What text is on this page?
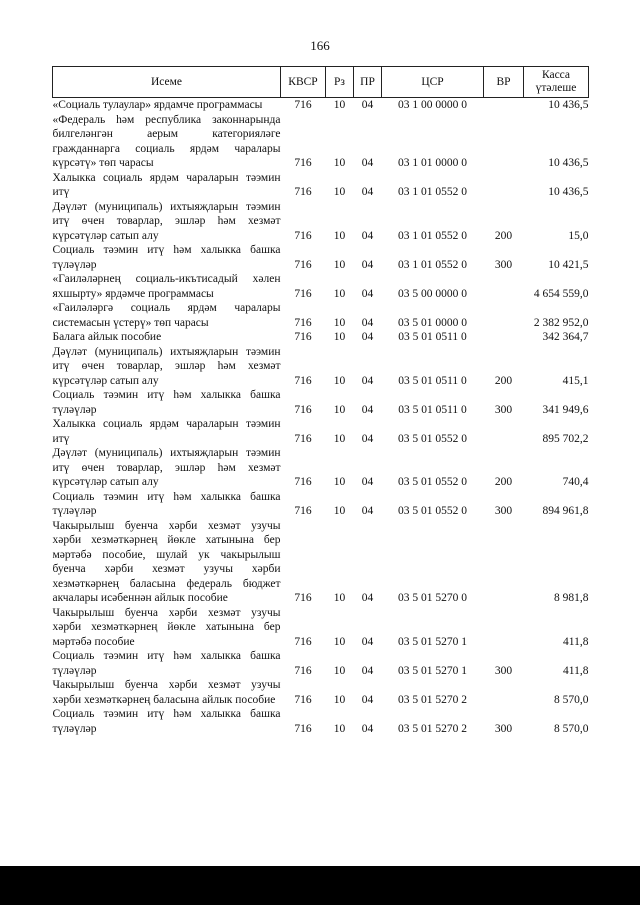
166
Исеме	КВСР	Рз	ПР	ЦСР	ВР	Касса үтәлеше
«Социаль тулаулар» ярдамче программасы	716	10	04	03 1 00 0000 0		10 436,5
«Федераль һәм республика законнарында билгеләнгән аерым категорияләге гражданнарга социаль ярдәм чаралары күрсәтү» төп чарасы	716	10	04	03 1 01 0000 0		10 436,5
Халыкка социаль ярдәм чараларын тәэмин итү	716	10	04	03 1 01 0552 0		10 436,5
Дәүләт (муниципаль) ихтыяҗларын тәэмин итү өчен товарлар, эшләр һәм хезмәт күрсәтүләр сатып алу	716	10	04	03 1 01 0552 0	200	15,0
Социаль тәэмин итү һәм халыкка башка түләүләр	716	10	04	03 1 01 0552 0	300	10 421,5
«Гаиләләрнең социаль-икътисадый хәлен яхшырту» ярдәмче программасы	716	10	04	03 5 00 0000 0		4 654 559,0
«Гаиләләргә социаль ярдәм чаралары системасын үстерү» төп чарасы	716	10	04	03 5 01 0000 0		2 382 952,0
Балага айлык пособие	716	10	04	03 5 01 0511 0		342 364,7
Дәүләт (муниципаль) ихтыяҗларын тәэмин итү өчен товарлар, эшләр һәм хезмәт күрсәтүләр сатып алу	716	10	04	03 5 01 0511 0	200	415,1
Социаль тәэмин итү һәм халыкка башка түләүләр	716	10	04	03 5 01 0511 0	300	341 949,6
Халыкка социаль ярдәм чараларын тәэмин итү	716	10	04	03 5 01 0552 0		895 702,2
Дәүләт (муниципаль) ихтыяҗларын тәэмин итү өчен товарлар, эшләр һәм хезмәт күрсәтүләр сатып алу	716	10	04	03 5 01 0552 0	200	740,4
Социаль тәэмин итү һәм халыкка башка түләүләр	716	10	04	03 5 01 0552 0	300	894 961,8
Чакырылыш буенча хәрби хезмәт узучы хәрби хезмәткәрнең йөкле хатынына бер мәртәбә пособие, шулай ук чакырылыш буенча хәрби хезмәт узучы хәрби хезмәткәрнең баласына федераль бюджет акчалары исәбеннән айлык пособие	716	10	04	03 5 01 5270 0		8 981,8
Чакырылыш буенча хәрби хезмәт узучы хәрби хезмәткәрнең йөкле хатынына бер мәртәбә пособие	716	10	04	03 5 01 5270 1		411,8
Социаль тәэмин итү һәм халыкка башка түләүләр	716	10	04	03 5 01 5270 1	300	411,8
Чакырылыш буенча хәрби хезмәт узучы хәрби хезмәткәрнең баласына айлык пособие	716	10	04	03 5 01 5270 2		8 570,0
Социаль тәэмин итү һәм халыкка башка түләүләр	716	10	04	03 5 01 5270 2	300	8 570,0
